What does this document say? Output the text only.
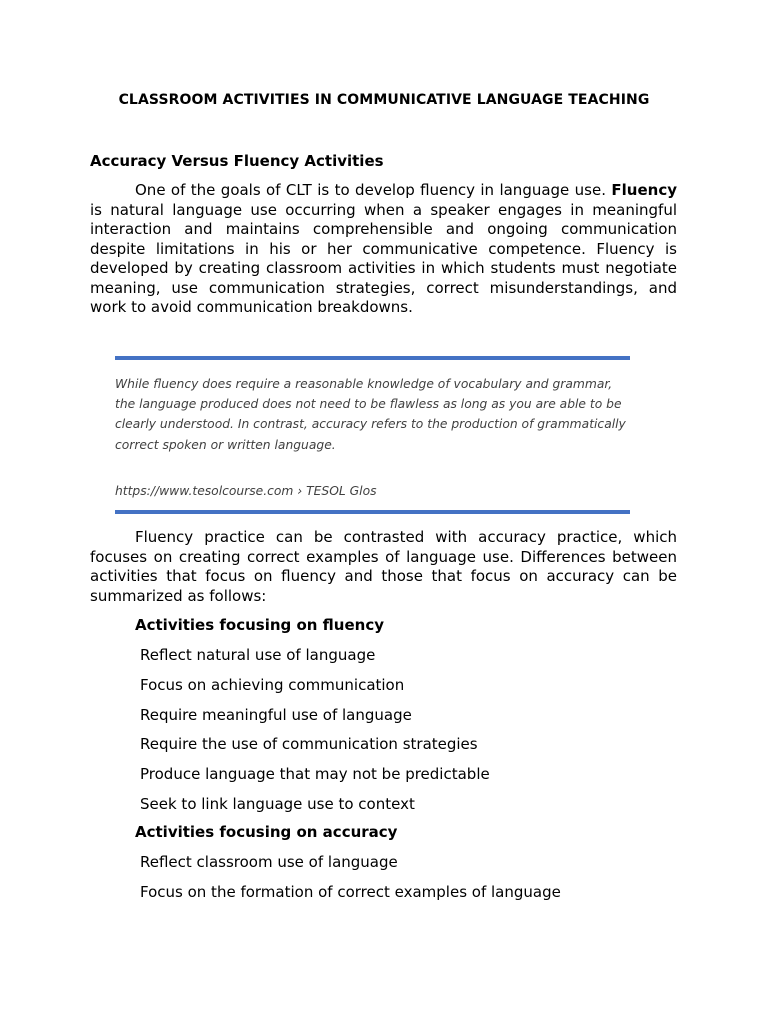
CLASSROOM ACTIVITIES IN COMMUNICATIVE LANGUAGE TEACHING
Accuracy Versus Fluency Activities

One of the goals of CLT is to develop fluency in language use. Fluency is natural language use occurring when a speaker engages in meaningful interaction and maintains comprehensible and ongoing communication despite limitations in his or her communicative competence. Fluency is developed by creating classroom activities in which students must negotiate meaning, use communication strategies, correct misunderstandings, and work to avoid communication breakdowns.

While fluency does require a reasonable knowledge of vocabulary and grammar, the language produced does not need to be flawless as long as you are able to be clearly understood. In contrast, accuracy refers to the production of grammatically correct spoken or written language.

https://www.tesolcourse.com › TESOL Glos

Fluency practice can be contrasted with accuracy practice, which focuses on creating correct examples of language use. Differences between activities that focus on fluency and those that focus on accuracy can be summarized as follows:

Activities focusing on fluency
Reflect natural use of language
Focus on achieving communication
Require meaningful use of language
Require the use of communication strategies
Produce language that may not be predictable
Seek to link language use to context
Activities focusing on accuracy
Reflect classroom use of language
Focus on the formation of correct examples of language
